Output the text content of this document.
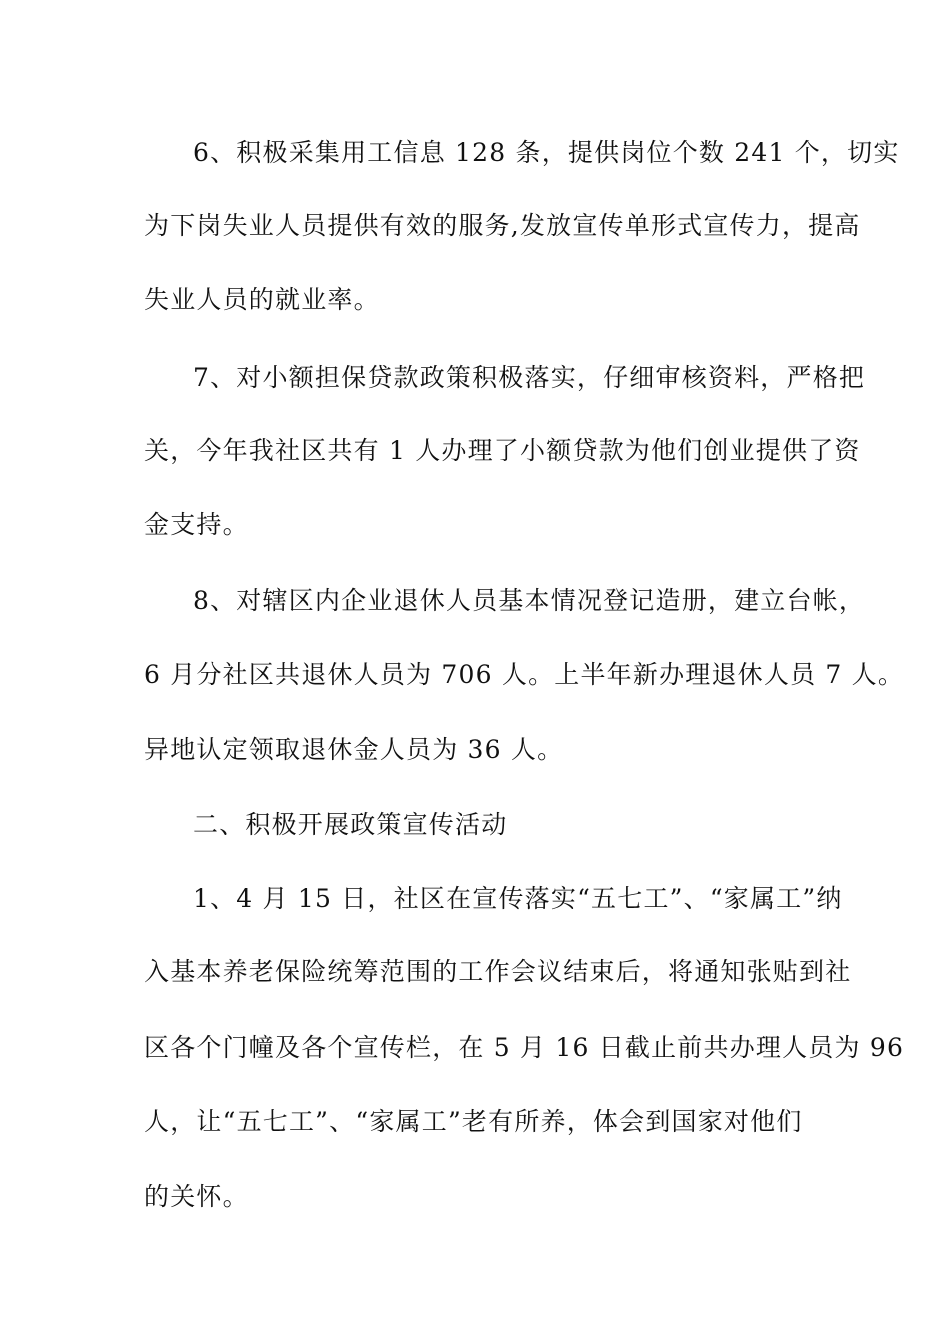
6、积极采集用工信息 128 条，提供岗位个数 241 个，切实

为下岗失业人员提供有效的服务,发放宣传单形式宣传力，提高

失业人员的就业率。

7、对小额担保贷款政策积极落实，仔细审核资料，严格把

关，今年我社区共有 1 人办理了小额贷款为他们创业提供了资

金支持。

8、对辖区内企业退休人员基本情况登记造册，建立台帐，

6 月分社区共退休人员为 706 人。上半年新办理退休人员 7 人。

异地认定领取退休金人员为 36 人。

二、积极开展政策宣传活动

1、4 月 15 日，社区在宣传落实“五七工”、“家属工”纳

入基本养老保险统筹范围的工作会议结束后，将通知张贴到社

区各个门幢及各个宣传栏，在 5 月 16 日截止前共办理人员为 96

人，让“五七工”、“家属工”老有所养，体会到国家对他们

的关怀。
